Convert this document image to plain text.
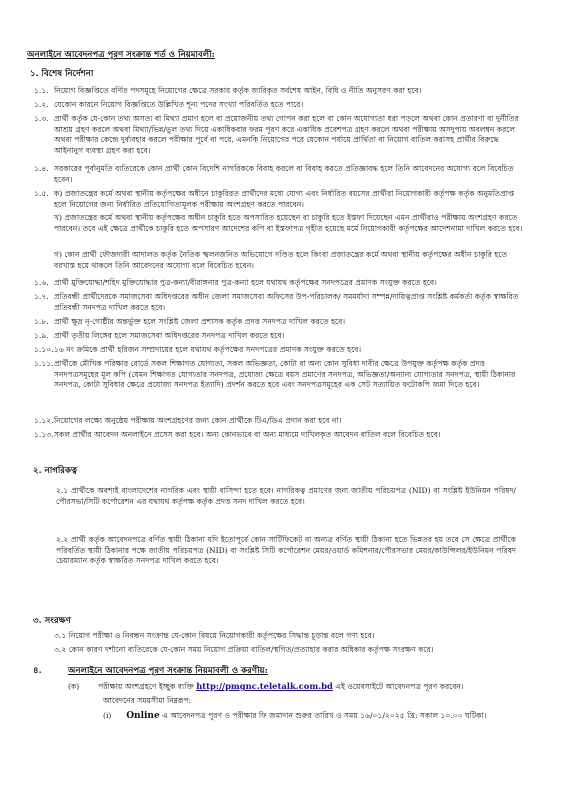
অনলাইনে আবেদনপত্র পূরণ সংক্রান্ত শর্ত ও নিয়মাবলী:
১. বিশেষ নির্দেশনা
১.১. নিয়োগ বিজ্ঞপ্তিতে বর্ণিত পদসমূহে নিয়োগের ক্ষেত্রে সরকার কর্তৃক জারিকৃত সর্বশেষ আইন, বিধি ও নীতি অনুসরণ করা হবে।
১.২. যেকোন কারনে নিয়োগ বিজ্ঞপ্তিতে উল্লিখিত শূন্য পদের সংখ্যা পরিবর্তিত হতে পারে।
১.৩. প্রার্থী কর্তৃক যে-কোন তথ্য অসত্য বা মিথ্যা প্রমাণ হলে বা প্রয়োজনীয় তথ্য গোপন করা হলে বা কোন অযোগ্যতা ধরা পড়লে অথবা কোন প্রতারণা বা দুর্নীতির আশ্রয় গ্রহণ করলে অথবা মিথ্যা/ভিন্ন/ভুল তথ্য দিয়ে একাধিকবার ফরম পূরণ করে একাধিক প্রবেশপত্র গ্রহণ করলে অথবা পরীক্ষায় অসদুপায় অবলম্বন করলে অথবা পরীক্ষার কেন্দ্রে দুর্ব্যবহার করলে পরীক্ষার পূর্বে বা পরে, এমনকি নিয়োগের পরে যেকোন পর্যায়ে প্রার্থিতা বা নিয়োগ বাতিল করাসহ প্রার্থীর বিরুদ্ধে আইনানুগ ব্যবস্থা গ্রহণ করা হবে।
১.৪. সরকারের পূর্বানুমতি ব্যতিরেকে কোন প্রার্থী কোন বিদেশি নাগরিককে বিবাহ করলে বা বিবাহ করতে প্রতিজ্ঞাবদ্ধ হলে তিনি আবেদনের অযোগ্য বলে বিবেচিত হবেন।
১.৫. ক) প্রজাতন্ত্রের কর্মে অথবা স্থানীয় কর্তৃপক্ষের অধীনে চাকুরিরত প্রার্থীদের মধ্যে যোগ্য এবং নির্ধারিত বয়সের প্রার্থীরা নিয়োগকারী কর্তৃপক্ষ কর্তৃক অনুমতিপ্রাপ্ত হলে নিয়োগের জন্য নির্ধারিত প্রতিযোগিতামূলক পরীক্ষায় অংশগ্রহণ করতে পারবেন।
খ) প্রজাতন্ত্রের কর্মে অথবা স্থানীয় কর্তৃপক্ষের অধীন চাকুরি হতে অপসারিত হয়েছেন বা চাকুরি হতে ইস্তফা দিয়েছেন এমন প্রার্থীরাও পরীক্ষায় অংশগ্রহণ করতে পারবেন। তবে এই ক্ষেত্রে প্রার্থীকে চাকুরি হতে অপসারণ আদেশের কপি বা ইস্তফাপত্র গৃহীত হয়েছে মর্মে নিয়োগকারী কর্তৃপক্ষের আদেশনামা দাখিল করতে হবে।
গ) কোন প্রার্থী ফৌজদারী আদালত কর্তৃক নৈতিক স্খলনজনিত অভিযোগে দণ্ডিত হলে কিংবা প্রজাতন্ত্রের কর্মে অথবা স্থানীয় কর্তৃপক্ষের অধীন চাকুরি হতে বরখাস্ত হয়ে থাকলে তিনি আবেদনের অযোগ্য বলে বিবেচিত হবেন।
১.৬. প্রার্থী মুক্তিযোদ্ধা/শহিদ মুক্তিযোদ্ধার পুত্র-কন্যা/বীরাঙ্গনার পুত্র-কন্যা হলে যথাযথ কর্তৃপক্ষের সনদপত্রের প্রমাণক সংযুক্ত করতে হবে।
১.৭. প্রতিবন্ধী প্রার্থীদেরকে সমাজসেবা অধিদপ্তরের অধীন জেলা সমাজসেবা অফিসের উপ-পরিচালক/ সমমর্যাদা সম্পন্ন/দায়িত্বপ্রাপ্ত সংশ্লিষ্ট কর্মকর্তা কর্তৃক স্বাক্ষরিত প্রতিবন্ধী সনদপত্র দাখিল করতে হবে।
১.৮. প্রার্থী ক্ষুদ্র নৃ-গোষ্ঠীর অন্তর্ভুক্ত হলে সংশ্লিষ্ট জেলা প্রশাসক কর্তৃক প্রদত্ত সনদপত্র দাখিল করতে হবে।
১.৯. প্রার্থী তৃতীয় লিঙ্গের হলে সমাজসেবা অধিদপ্তরের সনদপত্র দাখিল করতে হবে।
১.১০. ১৬ নং ক্রমিকে প্রার্থী হরিজন সম্প্রদায়ের হলে যথাযথ কর্তৃপক্ষের সনদপত্রের প্রমাণক সংযুক্ত করতে হবে।
১.১১. প্রার্থীকে মৌখিক পরিক্ষার বোর্ডে সকল শিক্ষাগত যোগ্যতা, সকল অভিজ্ঞতা, কোটা বা অন্য কোন সুবিধা দাবীর ক্ষেত্রে উপযুক্ত কর্তৃপক্ষ কর্তৃক প্রদত্ত সনদপত্রসমূহের মূল কপি (যেমন শিক্ষাগত যোগ্যতার সনদপত্র, প্রযোজ্য ক্ষেত্রে বয়স প্রমাণের সনদপত্র, অভিজ্ঞতা/অন্যান্য যোগ্যতার সনদপত্র, স্থায়ী ঠিকানার সনদপত্র, কোটা সুবিধার ক্ষেত্রে প্রযোজ্য সনদপত্র ইত্যাদি) প্রদর্শন করতে হবে এবং সনদপত্রসমূহের এক সেট সত্যায়িত ফটোকপি জমা দিতে হবে।
১.১২. নিয়োগের লক্ষ্যে অনুষ্ঠেয় পরীক্ষায় অংশগ্রহণের জন্য কোন প্রার্থীকে টিএ/ডিএ প্রদান করা হবে না।
১.১৩. সকল প্রার্থীর আবেদন অনলাইনে প্রসেস করা হবে। অন্য কোনভাবে বা অন্য মাধ্যমে দাখিলকৃত আবেদন বাতিল বলে বিবেচিত হবে।
২. নাগরিকত্ব
২.১ প্রার্থীকে অবশ্যই বাংলাদেশের নাগরিক এবং স্থায়ী বাসিন্দা হতে হবে। নাগরিকত্ব প্রমাণের জন্য জাতীয় পরিচয়পত্র (NID) বা সংশ্লিষ্ট ইউনিয়ন পরিষদ/পৌরসভা/সিটি কর্পোরেশন এর যথাযথ কর্তৃপক্ষ কর্তৃক প্রদত্ত সনদ দাখিল করতে হবে।
২.২ প্রার্থী কর্তৃক আবেদনপত্রে বর্ণিত স্থায়ী ঠিকানা যদি ইতোপূর্বে কোন সার্টিফিকেট বা অন্যত্র বর্ণিত স্থায়ী ঠিকানা হতে ভিন্নতর হয় তবে সে ক্ষেত্রে প্রার্থীকে পরিবর্তিত স্থায়ী ঠিকানার পক্ষে জাতীয় পরিচয়পত্র (NID) বা সংশ্লিষ্ট সিটি কর্পোরেশন মেয়র/ওয়ার্ড কমিশনার/পৌরসভার মেয়র/কাউন্সিলর/ইউনিয়ন পরিষদ চেয়ারম্যান কর্তৃক স্বাক্ষরিত সনদপত্র দাখিল করতে হবে।
৩. সংরক্ষণ
৩.১ নিয়োগ পরীক্ষা ও নিবন্ধন সংক্রান্ত যে-কোন বিষয়ে নিয়োগকারী কর্তৃপক্ষের সিদ্ধান্ত চূড়ান্ত বলে গণ্য হবে।
৩.২ কোন কারণ দর্শানো ব্যতিরেকে যে-কোন সময় নিয়োগ প্রক্রিয়া বাতিল/স্থগিত/প্রত্যাহার করার অধিকার কর্তৃপক্ষ সংরক্ষণ করে।
৪.	অনলাইনে আবেদনপত্র পূরণ সংক্রান্ত নিয়মাবলী ও করণীয়:
(ক) পরীক্ষায় অংশগ্রহণে ইচ্ছুক ব্যক্তি http://pmgnc.teletalk.com.bd এই ওয়েবসাইটে আবেদনপত্র পূরণ করবেন।
আবেদনের সময়সীমা নিম্নরূপ:
(i) Online এ আবেদনপত্র পূরণ ও পরীক্ষার ফি জমাদান শুরুর তারিখ ও সময় ১৬/০১/২০২৫ খ্রি: সকাল ১০.০০ ঘটিকা।
